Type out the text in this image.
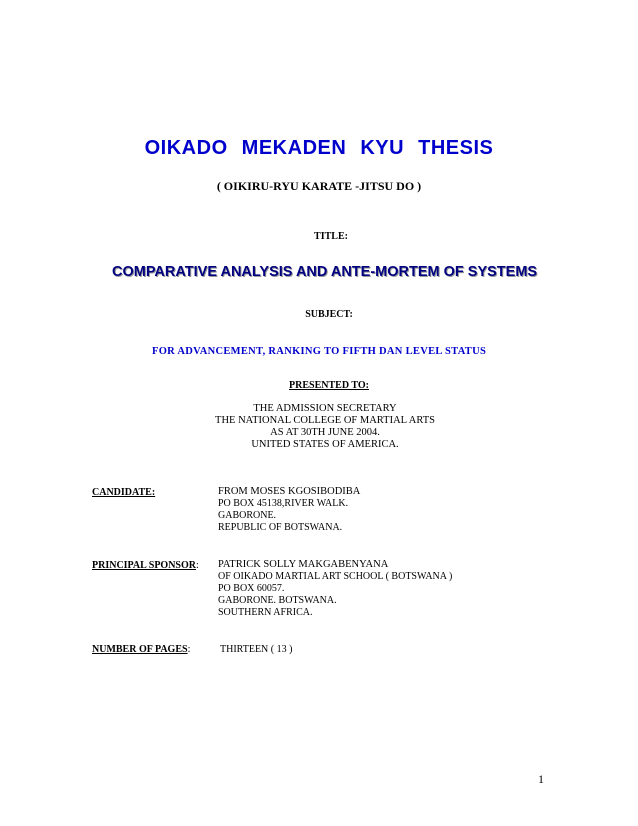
OIKADO MEKADEN KYU THESIS
( OIKIRU-RYU KARATE -JITSU DO )
TITLE:
COMPARATIVE ANALYSIS AND ANTE-MORTEM OF SYSTEMS
SUBJECT:
FOR ADVANCEMENT, RANKING TO FIFTH DAN LEVEL STATUS
PRESENTED TO:
THE ADMISSION SECRETARY
THE NATIONAL COLLEGE OF MARTIAL ARTS
AS AT 30TH JUNE 2004.
UNITED STATES OF AMERICA.
CANDIDATE:	FROM MOSES KGOSIBODIBA
PO BOX 45138,RIVER WALK.
GABORONE.
REPUBLIC OF BOTSWANA.
PRINCIPAL SPONSOR: PATRICK SOLLY MAKGABENYANA
OF OIKADO MARTIAL ART SCHOOL ( BOTSWANA )
PO BOX 60057.
GABORONE. BOTSWANA.
SOUTHERN AFRICA.
NUMBER OF PAGES:	THIRTEEN ( 13 )
1
